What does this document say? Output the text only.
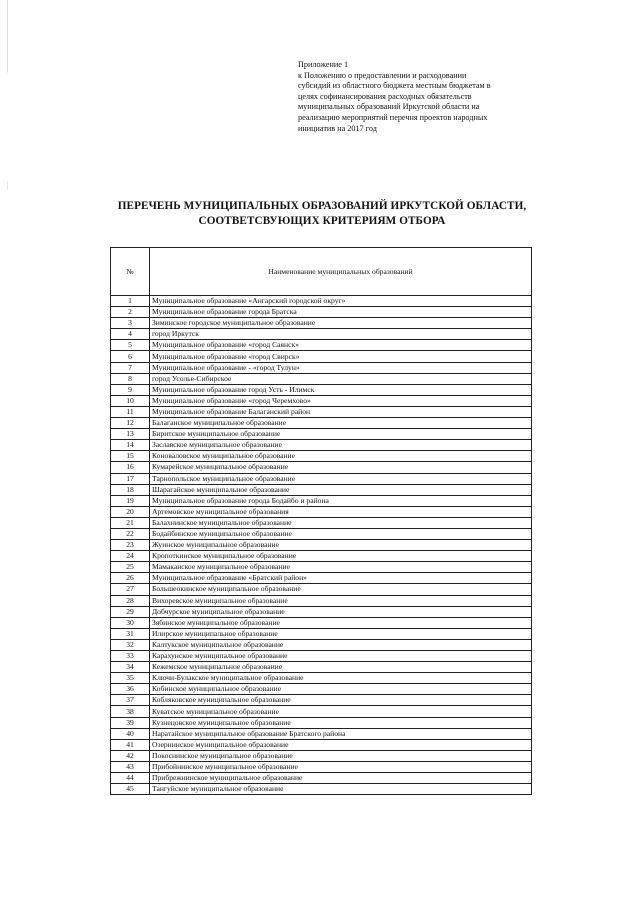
Приложение 1
к Положению о предоставлении и расходовании
субсидий из областного бюджета местным бюджетам в
целях софинансирования расходных обязательств
муниципальных образований Иркутской области на
реализацию мероприятий перечня проектов народных
инициатив на 2017 год
ПЕРЕЧЕНЬ МУНИЦИПАЛЬНЫХ ОБРАЗОВАНИЙ ИРКУТСКОЙ ОБЛАСТИ,
СООТВЕТСВУЮЩИХ КРИТЕРИЯМ ОТБОРА
№	Наименование муниципальных образований
1	Муниципальное образование «Ангарский городской округ»
2	Муниципальное образование города Братска
3	Зиминское городское муниципальное образование
4	город Иркутск
5	Муниципальное образование «город Саянск»
6	Муниципальное образование «город Свирск»
7	Муниципальное образование - «город Тулун»
8	город Усолье-Сибирское
9	Муниципальное образование город Усть - Илимск
10	Муниципальное образование «город Черемхово»
11	Муниципальное образование Балаганский район
12	Балаганское муниципальное образование
13	Биритское муниципальное образование
14	Заславское муниципальное образование
15	Коноваловское муниципальное образование
16	Кумарейское муниципальное образование
17	Тарнопольское муниципальное образование
18	Шарагайское муниципальное образование
19	Муниципальное образование города Бодайбо и района
20	Артемовское муниципальное образования
21	Балахнинское муниципальное образование
22	Бодайбинское муниципальное образование
23	Жуинское муниципальное образование
24	Кропоткинское муниципальное образование
25	Мамаканское муниципальное образование
26	Муниципальное образование «Братский район»
27	Большеокинское муниципальное образование
28	Вихоревское муниципальное образование
29	Добчурское муниципальное образование
30	Зябинское муниципальное образование
31	Илирское муниципальное образование
32	Калтукское муниципальное образование
33	Карахунское муниципальное образование
34	Кежемское муниципальное образование
35	Ключи-Булакское муниципальное образование
36	Кобинское муниципальное образование
37	Кобляковское муниципальное образование
38	Куватское муниципальное образование
39	Кузнецовское муниципальное образование
40	Наратайское муниципальное образование Братского района
41	Озернинское муниципальное образование
42	Покоснинское муниципальное образование
43	Прибойнинское муниципальное образование
44	Прибрежнинское муниципальное образование
45	Тангуйское муниципальное образование
